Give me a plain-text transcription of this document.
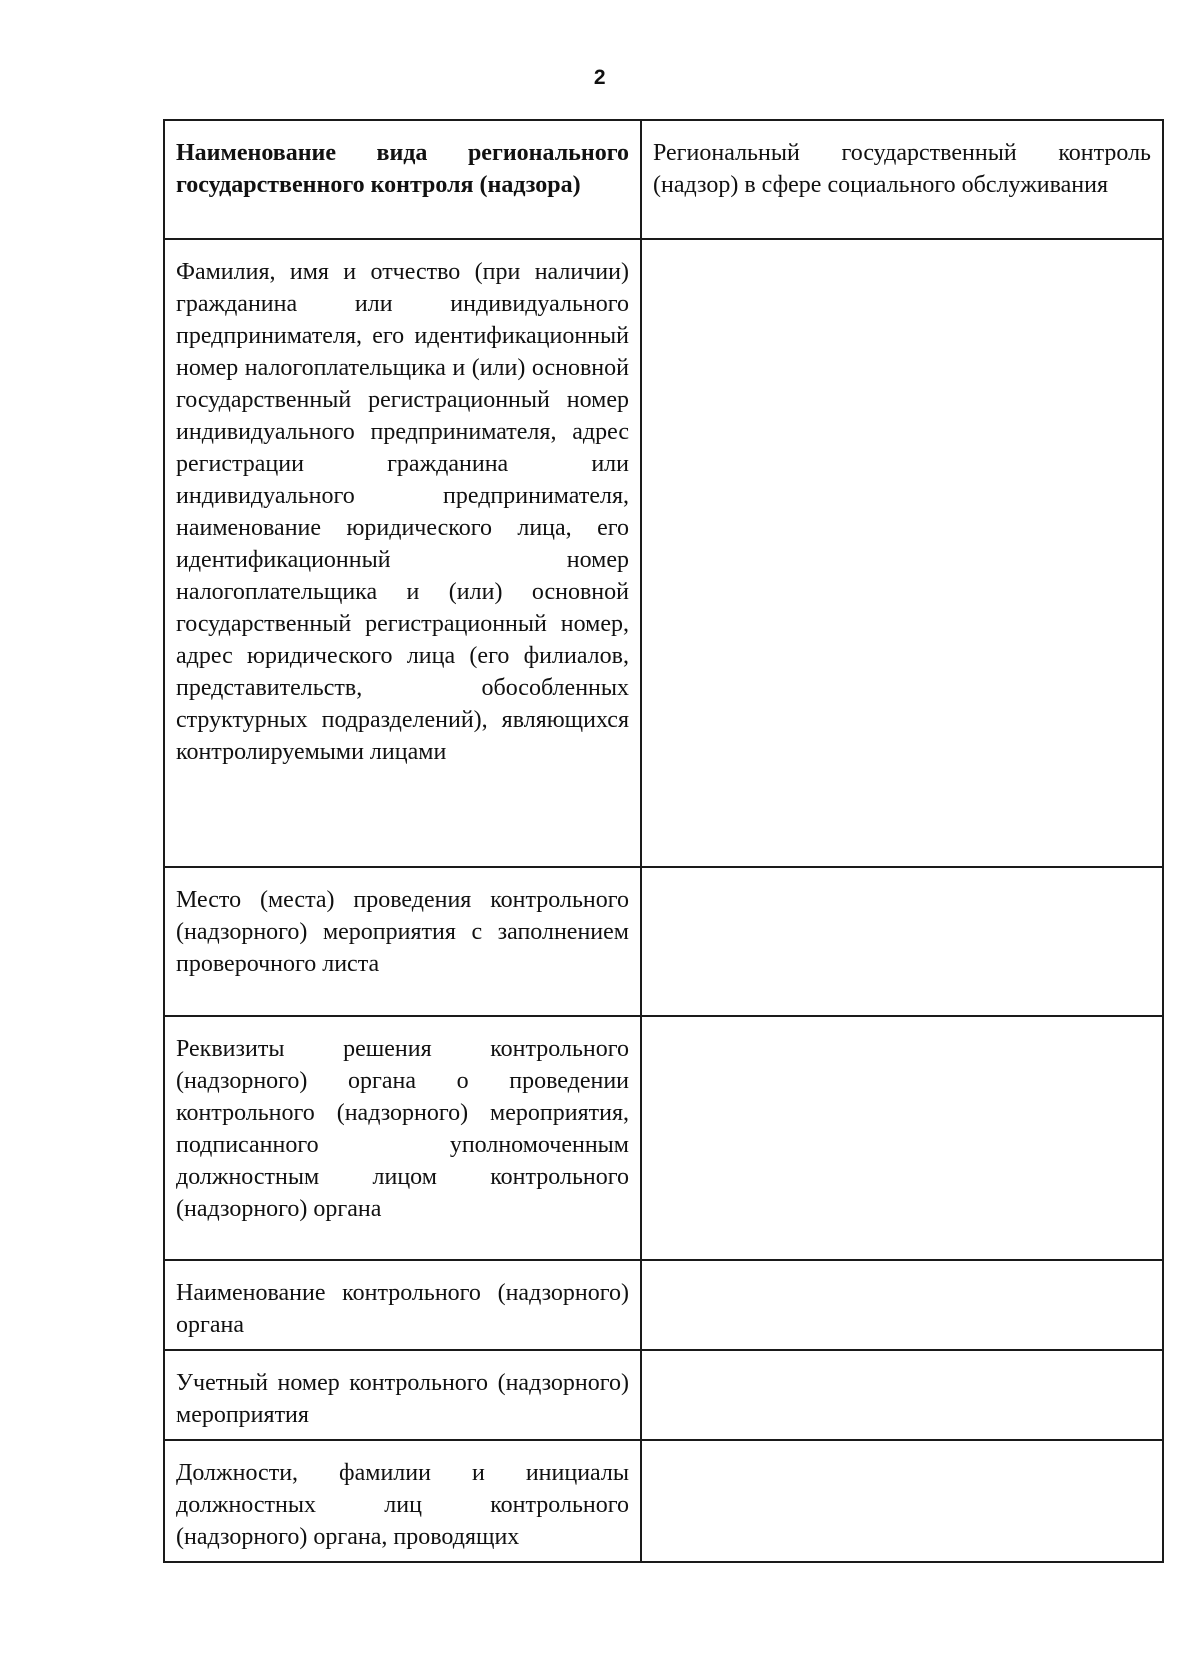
2
Наименование вида регионального государственного контроля (надзора)	Региональный государственный контроль (надзор) в сфере социального обслуживания
Фамилия, имя и отчество (при наличии) гражданина или индивидуального предпринимателя, его идентификационный номер налогоплательщика и (или) основной государственный регистрационный номер индивидуального предпринимателя, адрес регистрации гражданина или индивидуального предпринимателя, наименование юридического лица, его идентификационный номер налогоплательщика и (или) основной государственный регистрационный номер, адрес юридического лица (его филиалов, представительств, обособленных структурных подразделений), являющихся контролируемыми лицами	
Место (места) проведения контрольного (надзорного) мероприятия с заполнением проверочного листа	
Реквизиты решения контрольного (надзорного) органа о проведении контрольного (надзорного) мероприятия, подписанного уполномоченным должностным лицом контрольного (надзорного) органа	
Наименование контрольного (надзорного) органа	
Учетный номер контрольного (надзорного) мероприятия	
Должности, фамилии и инициалы должностных лиц контрольного (надзорного) органа, проводящих	
